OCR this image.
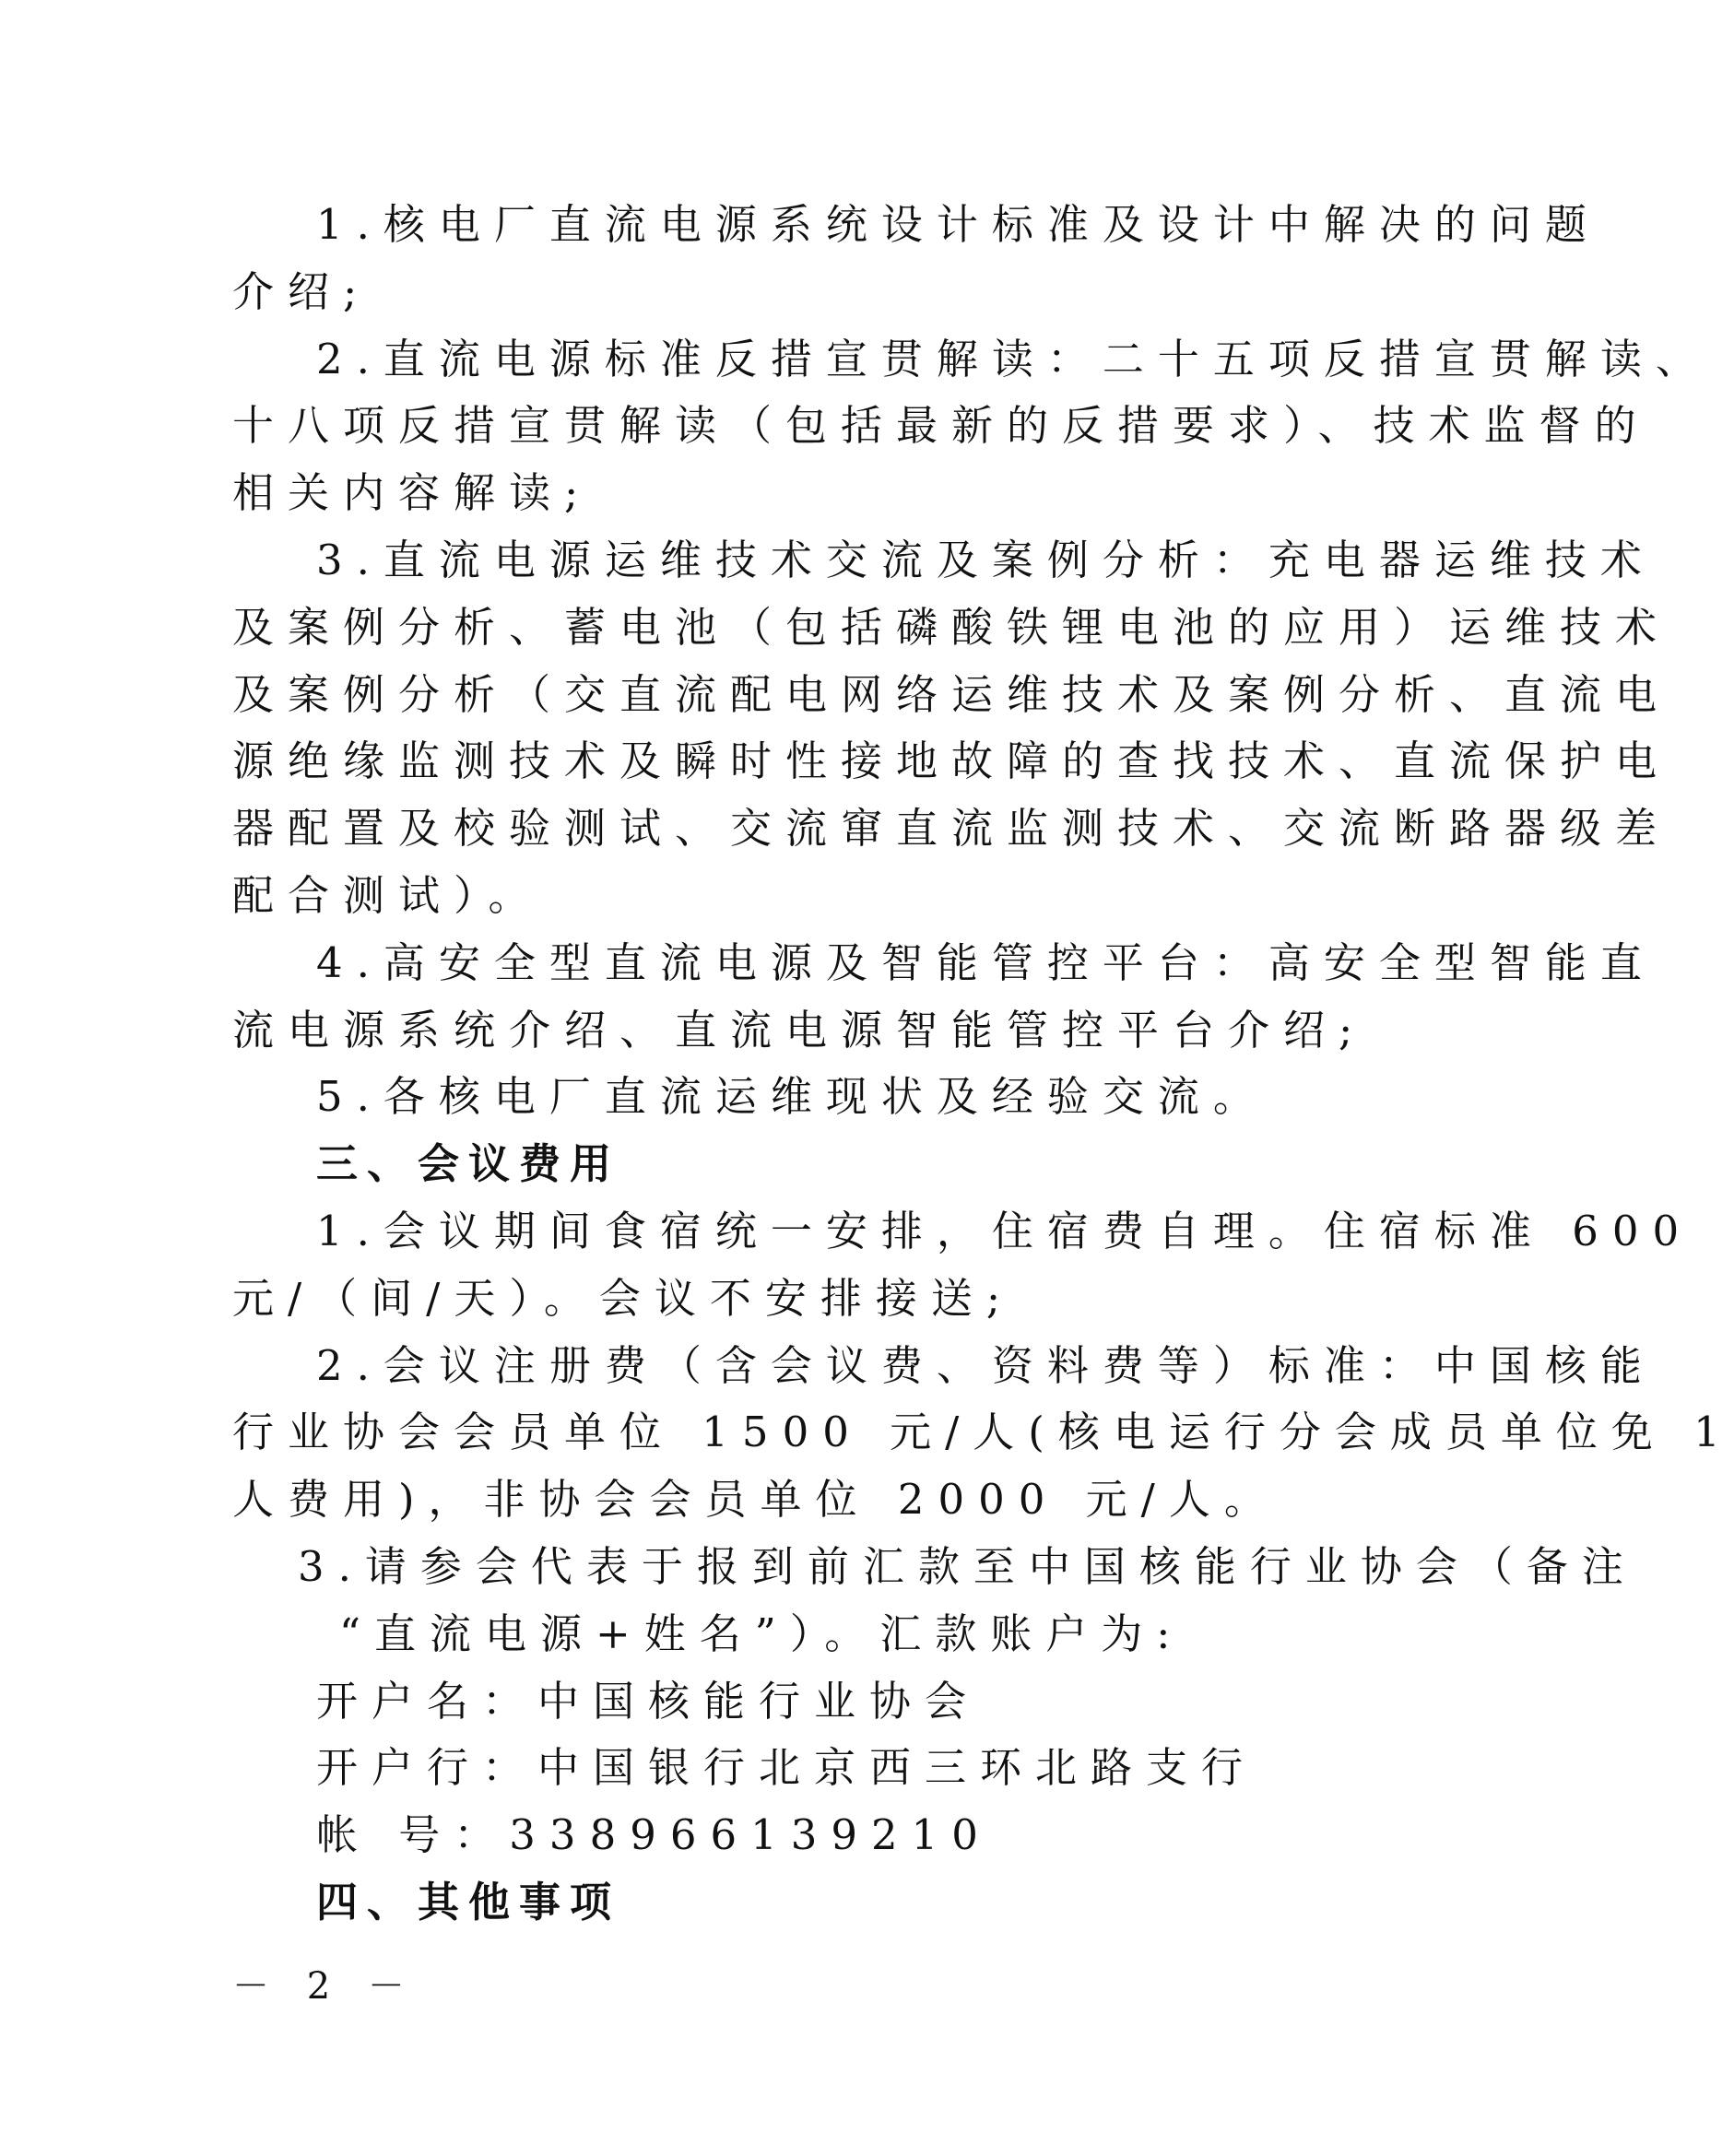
1.核电厂直流电源系统设计标准及设计中解决的问题
介绍;
2.直流电源标准反措宣贯解读：二十五项反措宣贯解读、
十八项反措宣贯解读（包括最新的反措要求）、技术监督的
相关内容解读;
3.直流电源运维技术交流及案例分析：充电器运维技术
及案例分析、蓄电池（包括磷酸铁锂电池的应用）运维技术
及案例分析（交直流配电网络运维技术及案例分析、直流电
源绝缘监测技术及瞬时性接地故障的查找技术、直流保护电
器配置及校验测试、交流窜直流监测技术、交流断路器级差
配合测试）。
4.高安全型直流电源及智能管控平台：高安全型智能直
流电源系统介绍、直流电源智能管控平台介绍;
5.各核电厂直流运维现状及经验交流。
三、会议费用
1.会议期间食宿统一安排，住宿费自理。住宿标准 600
元/（间/天）。会议不安排接送;
2.会议注册费（含会议费、资料费等）标准：中国核能
行业协会会员单位 1500 元/人(核电运行分会成员单位免 1
人费用)，非协会会员单位 2000 元/人。
3.请参会代表于报到前汇款至中国核能行业协会（备注
“直流电源+姓名”）。汇款账户为:
开户名：中国核能行业协会
开户行：中国银行北京西三环北路支行
帐 号：338966139210
四、其他事项
－ 2 －
